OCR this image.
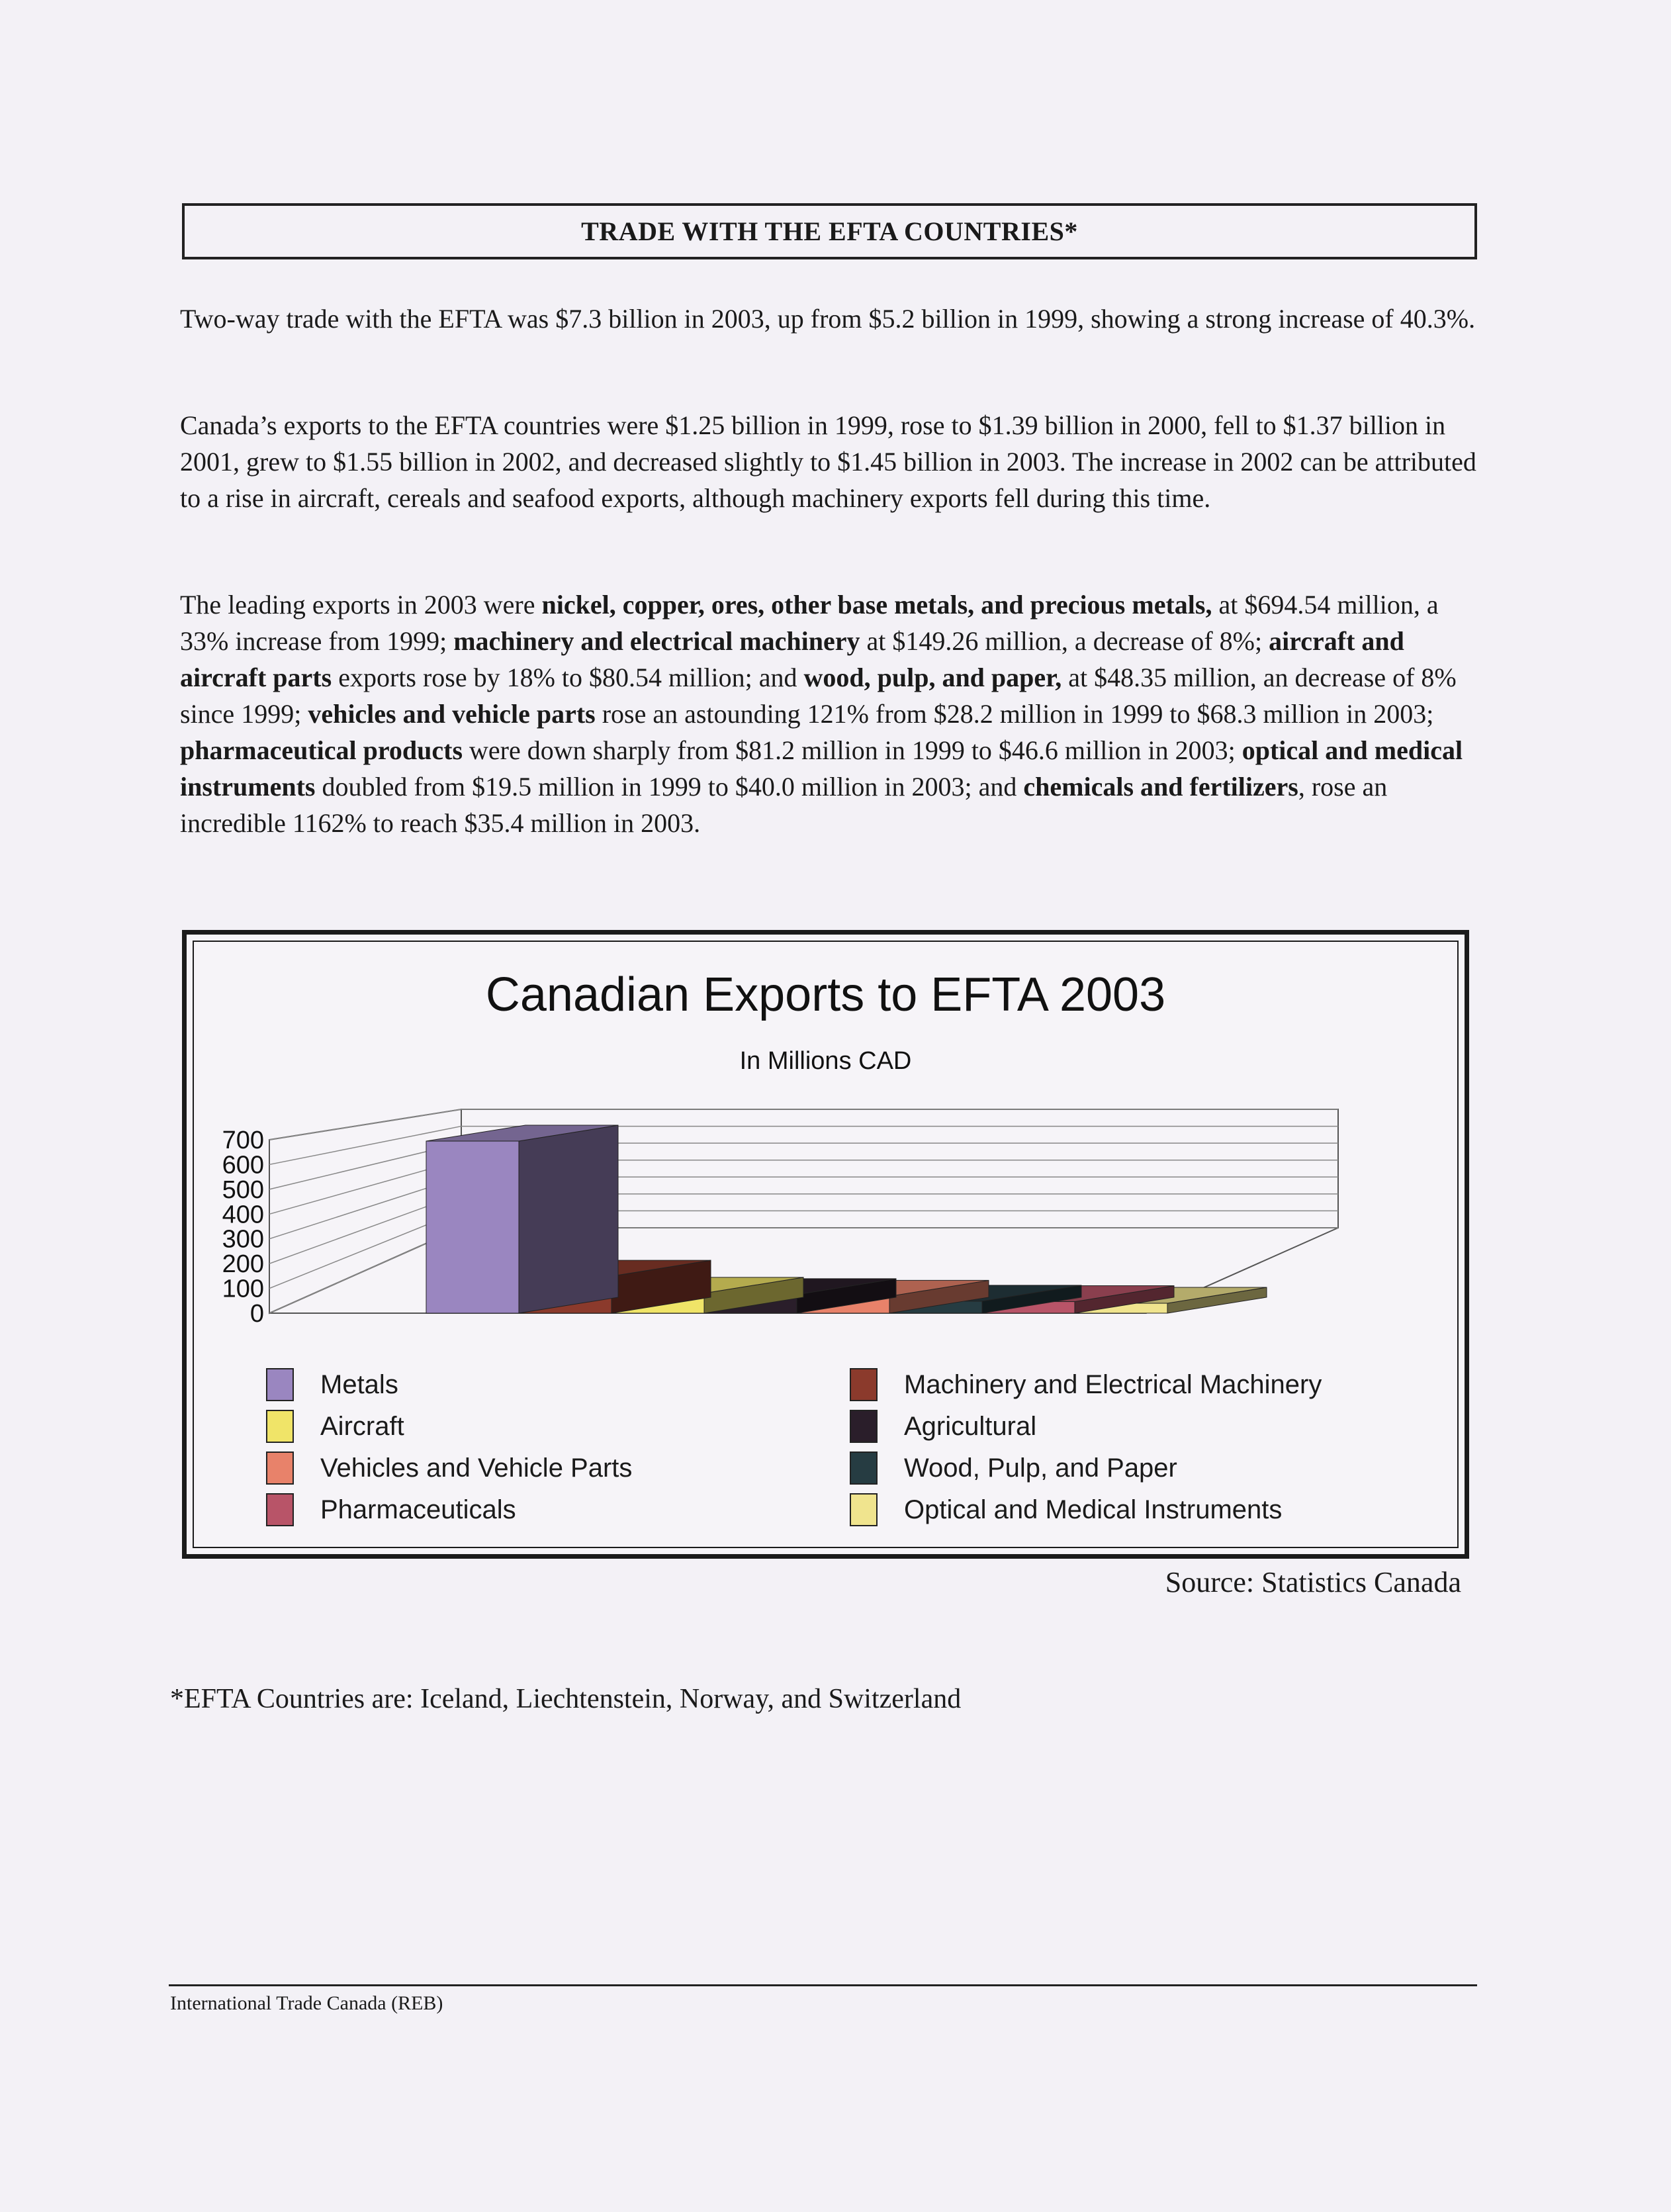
TRADE WITH THE EFTA COUNTRIES*

Two-way trade with the EFTA was $7.3 billion in 2003, up from $5.2 billion in 1999, showing a strong increase of 40.3%.

Canada’s exports to the EFTA countries were $1.25 billion in 1999, rose to $1.39 billion in 2000, fell to $1.37 billion in 2001, grew to $1.55 billion in 2002, and decreased slightly to $1.45 billion in 2003. The increase in 2002 can be attributed to a rise in aircraft, cereals and seafood exports, although machinery exports fell during this time.

The leading exports in 2003 were nickel, copper, ores, other base metals, and precious metals, at $694.54 million, a 33% increase from 1999; machinery and electrical machinery at $149.26 million, a decrease of 8%; aircraft and aircraft parts exports rose by 18% to $80.54 million; and wood, pulp, and paper, at $48.35 million, an decrease of 8% since 1999; vehicles and vehicle parts rose an astounding 121% from $28.2 million in 1999 to $68.3 million in 2003; pharmaceutical products were down sharply from $81.2 million in 1999 to $46.6 million in 2003; optical and medical instruments doubled from $19.5 million in 1999 to $40.0 million in 2003; and chemicals and fertilizers, rose an incredible 1162% to reach $35.4 million in 2003.

Canadian Exports to EFTA 2003
In Millions CAD
0
100
200
300
400
500
600
700
Metals
Aircraft
Vehicles and Vehicle Parts
Pharmaceuticals
Machinery and Electrical Machinery
Agricultural
Wood, Pulp, and Paper
Optical and Medical Instruments
Source: Statistics Canada
*EFTA Countries are: Iceland, Liechtenstein, Norway, and Switzerland
International Trade Canada (REB)
